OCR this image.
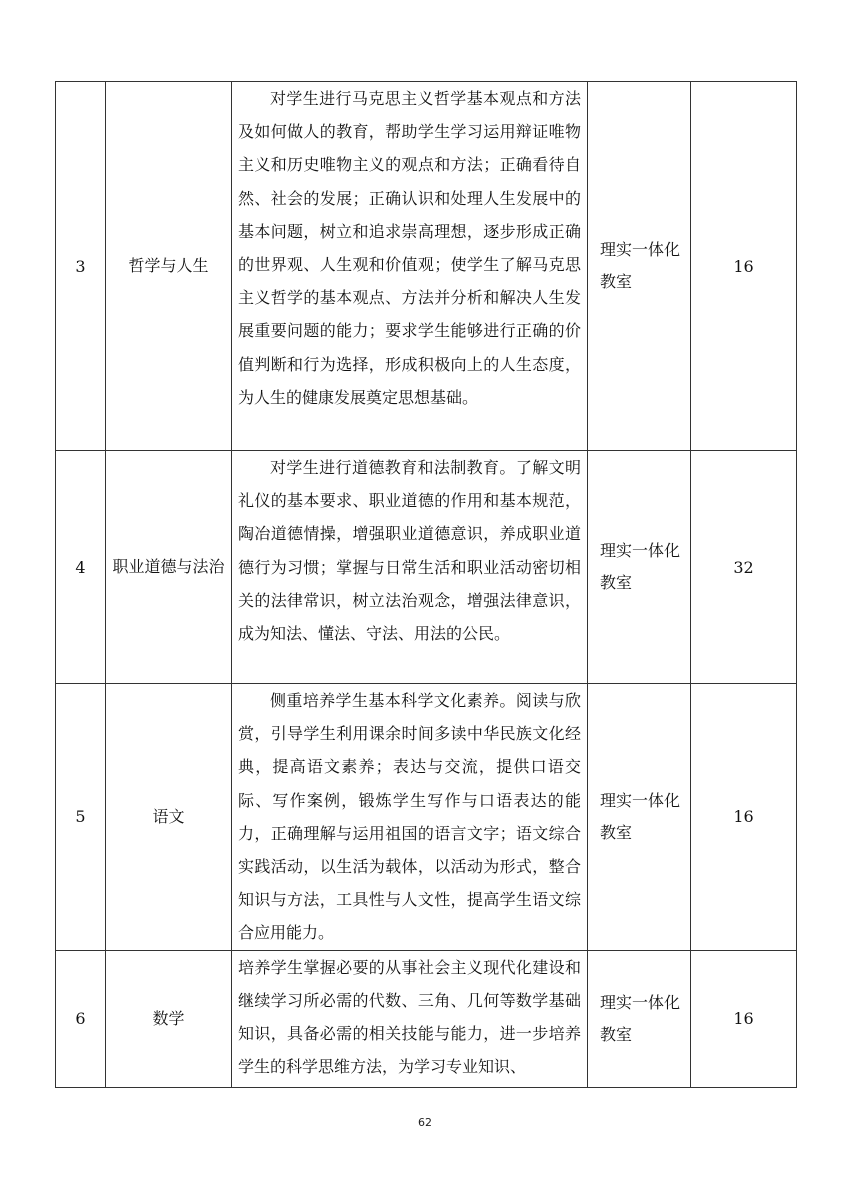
3	哲学与人生	对学生进行马克思主义哲学基本观点和方法及如何做人的教育，帮助学生学习运用辩证唯物主义和历史唯物主义的观点和方法；正确看待自然、社会的发展；正确认识和处理人生发展中的基本问题，树立和追求崇高理想，逐步形成正确的世界观、人生观和价值观；使学生了解马克思主义哲学的基本观点、方法并分析和解决人生发展重要问题的能力；要求学生能够进行正确的价值判断和行为选择，形成积极向上的人生态度，为人生的健康发展奠定思想基础。	理实一体化教室	16
4	职业道德与法治	对学生进行道德教育和法制教育。了解文明礼仪的基本要求、职业道德的作用和基本规范，陶冶道德情操，增强职业道德意识，养成职业道德行为习惯；掌握与日常生活和职业活动密切相关的法律常识，树立法治观念，增强法律意识，成为知法、懂法、守法、用法的公民。	理实一体化教室	32
5	语文	侧重培养学生基本科学文化素养。阅读与欣赏，引导学生利用课余时间多读中华民族文化经典，提高语文素养；表达与交流，提供口语交际、写作案例，锻炼学生写作与口语表达的能力，正确理解与运用祖国的语言文字；语文综合实践活动，以生活为载体，以活动为形式，整合知识与方法，工具性与人文性，提高学生语文综合应用能力。	理实一体化教室	16
6	数学	培养学生掌握必要的从事社会主义现代化建设和继续学习所必需的代数、三角、几何等数学基础知识，具备必需的相关技能与能力，进一步培养学生的科学思维方法，为学习专业知识、	理实一体化教室	16
62
